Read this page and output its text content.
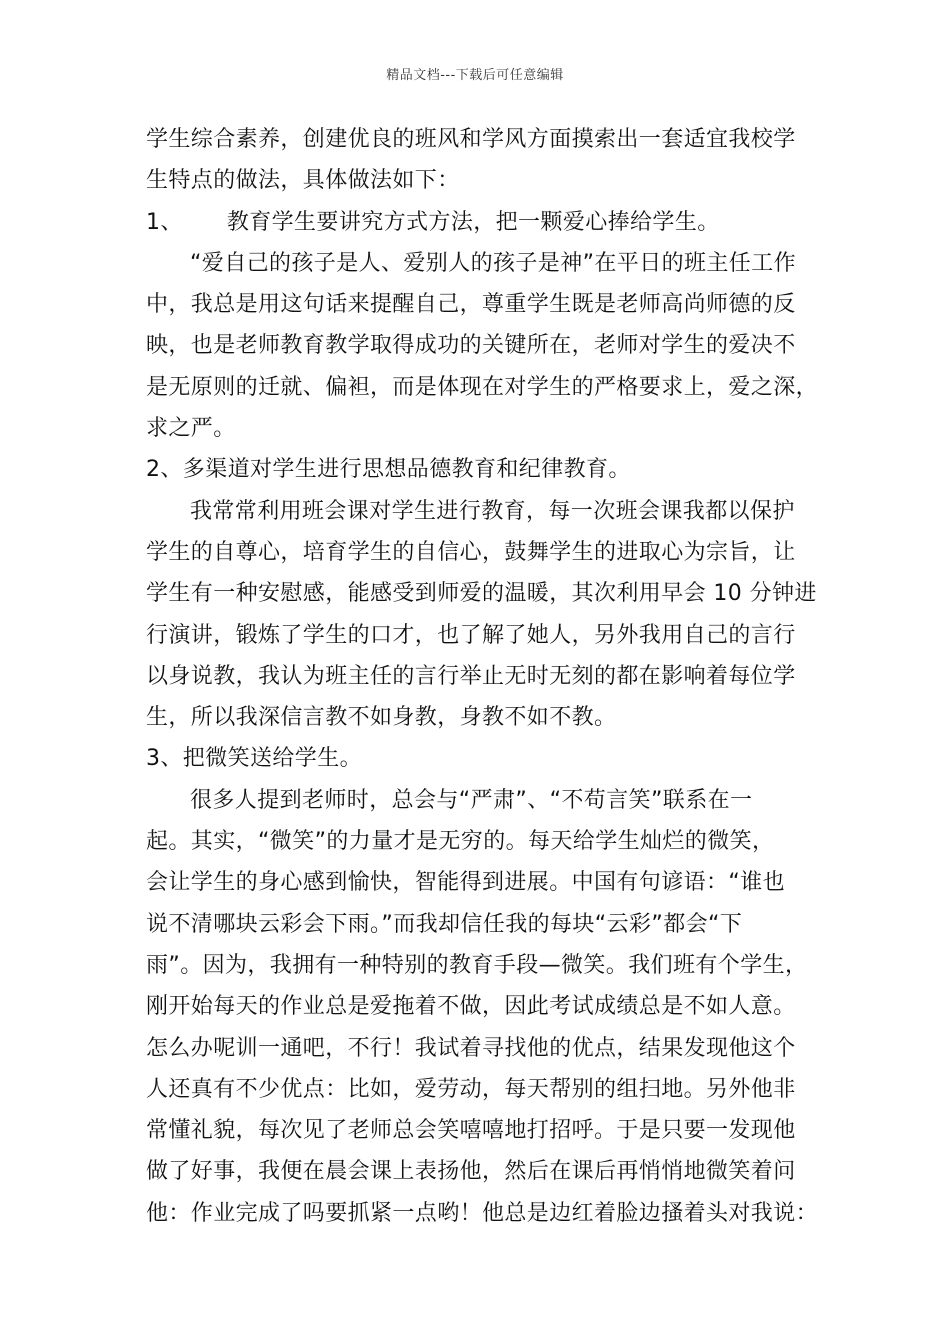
精品文档---下载后可任意编辑
学生综合素养，创建优良的班风和学风方面摸索出一套适宜我校学
生特点的做法，具体做法如下：
1、 教育学生要讲究方式方法，把一颗爱心捧给学生。
“爱自己的孩子是人、爱别人的孩子是神”在平日的班主任工作
中，我总是用这句话来提醒自己，尊重学生既是老师高尚师德的反
映，也是老师教育教学取得成功的关键所在，老师对学生的爱决不
是无原则的迁就、偏袒，而是体现在对学生的严格要求上，爱之深，
求之严。
2、多渠道对学生进行思想品德教育和纪律教育。
我常常利用班会课对学生进行教育，每一次班会课我都以保护
学生的自尊心，培育学生的自信心，鼓舞学生的进取心为宗旨，让
学生有一种安慰感，能感受到师爱的温暖，其次利用早会 10 分钟进
行演讲，锻炼了学生的口才，也了解了她人，另外我用自己的言行
以身说教，我认为班主任的言行举止无时无刻的都在影响着每位学
生，所以我深信言教不如身教，身教不如不教。
3、把微笑送给学生。
很多人提到老师时，总会与“严肃”、“不苟言笑”联系在一
起。其实，“微笑”的力量才是无穷的。每天给学生灿烂的微笑，
会让学生的身心感到愉快，智能得到进展。中国有句谚语：“谁也
说不清哪块云彩会下雨。”而我却信任我的每块“云彩”都会“下
雨”。因为，我拥有一种特别的教育手段—微笑。我们班有个学生，
刚开始每天的作业总是爱拖着不做，因此考试成绩总是不如人意。
怎么办呢训一通吧，不行！我试着寻找他的优点，结果发现他这个
人还真有不少优点：比如，爱劳动，每天帮别的组扫地。另外他非
常懂礼貌，每次见了老师总会笑嘻嘻地打招呼。于是只要一发现他
做了好事，我便在晨会课上表扬他，然后在课后再悄悄地微笑着问
他：作业完成了吗要抓紧一点哟！他总是边红着脸边搔着头对我说：
